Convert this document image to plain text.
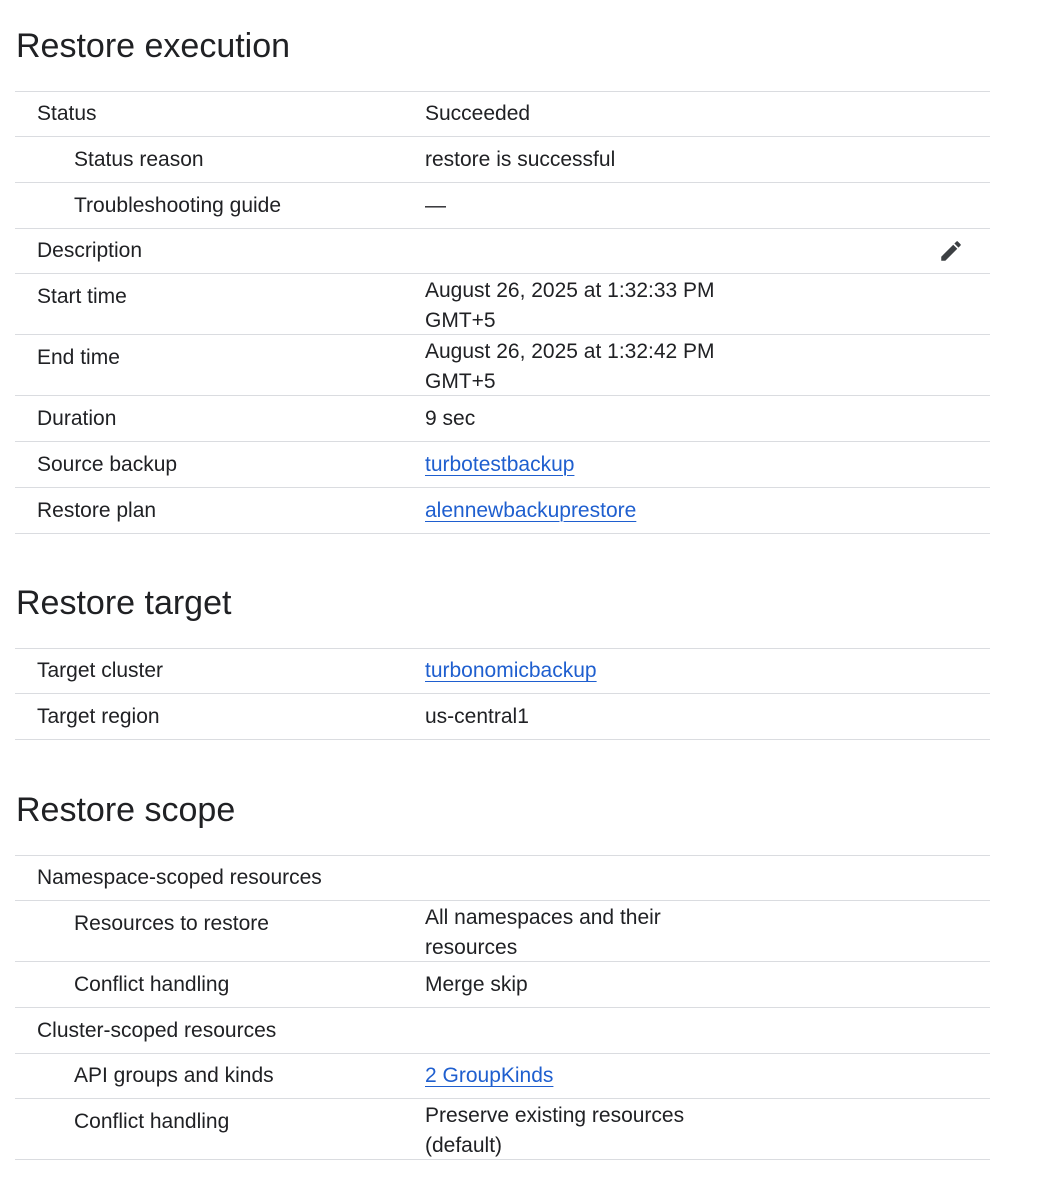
Restore execution
Status	Succeeded
Status reason	restore is successful
Troubleshooting guide	—
Description
Start time	August 26, 2025 at 1:32:33 PM
GMT+5
End time	August 26, 2025 at 1:32:42 PM
GMT+5
Duration	9 sec
Source backup	turbotestbackup
Restore plan	alennewbackuprestore
Restore target
Target cluster	turbonomicbackup
Target region	us-central1
Restore scope
Namespace-scoped resources
Resources to restore	All namespaces and their
resources
Conflict handling	Merge skip
Cluster-scoped resources
API groups and kinds	2 GroupKinds
Conflict handling	Preserve existing resources
(default)
